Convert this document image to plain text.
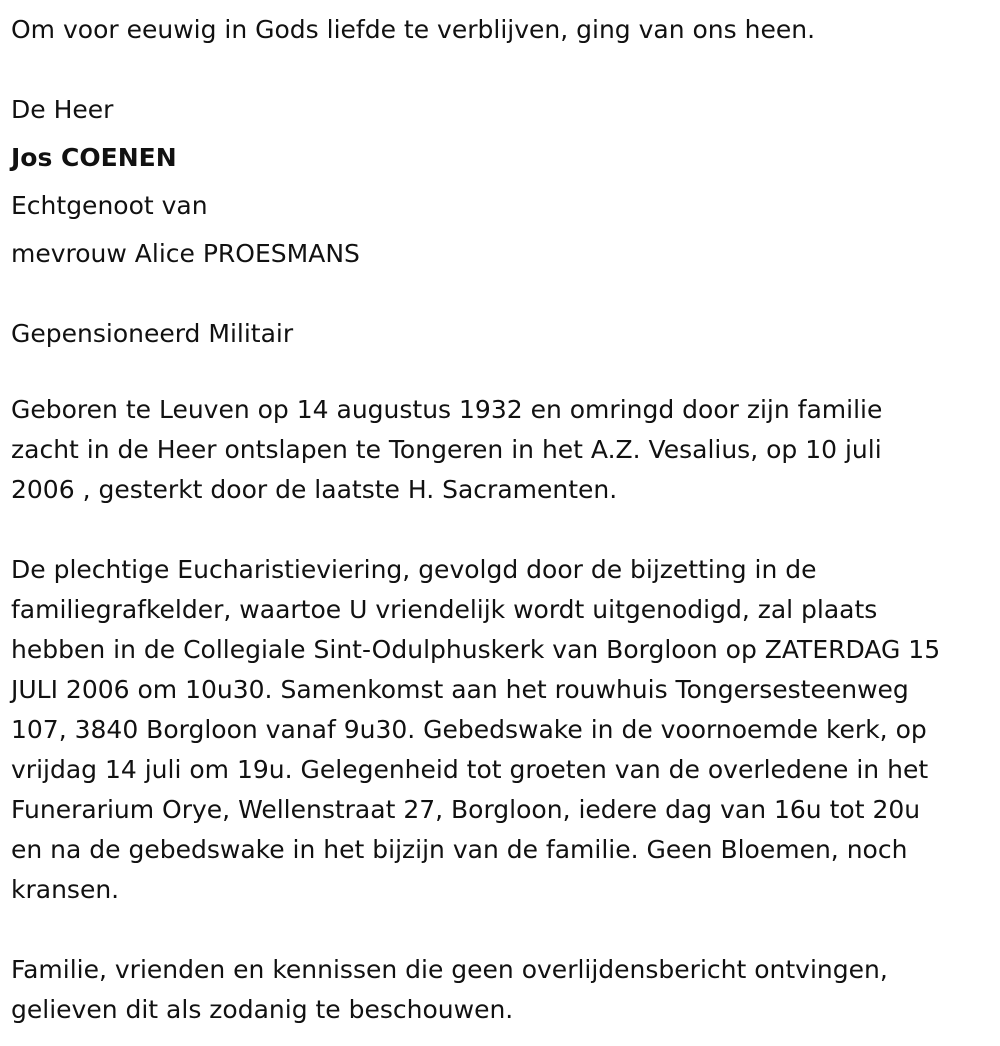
Om voor eeuwig in Gods liefde te verblijven, ging van ons heen.

De Heer

Jos COENEN

Echtgenoot van

mevrouw Alice PROESMANS

Gepensioneerd Militair

Geboren te Leuven op 14 augustus 1932 en omringd door zijn familie

zacht in de Heer ontslapen te Tongeren in het A.Z. Vesalius, op 10 juli

2006 , gesterkt door de laatste H. Sacramenten.

De plechtige Eucharistieviering, gevolgd door de bijzetting in de

familiegrafkelder, waartoe U vriendelijk wordt uitgenodigd, zal plaats

hebben in de Collegiale Sint-Odulphuskerk van Borgloon op ZATERDAG 15

JULI 2006 om 10u30. Samenkomst aan het rouwhuis Tongersesteenweg

107, 3840 Borgloon vanaf 9u30. Gebedswake in de voornoemde kerk, op

vrijdag 14 juli om 19u. Gelegenheid tot groeten van de overledene in het

Funerarium Orye, Wellenstraat 27, Borgloon, iedere dag van 16u tot 20u

en na de gebedswake in het bijzijn van de familie. Geen Bloemen, noch

kransen.

Familie, vrienden en kennissen die geen overlijdensbericht ontvingen,

gelieven dit als zodanig te beschouwen.
